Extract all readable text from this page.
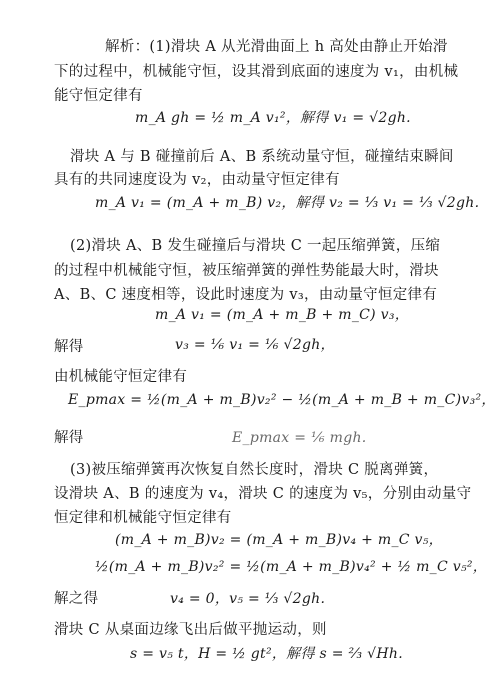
解析：(1)滑块 A 从光滑曲面上 h 高处由静止开始滑
下的过程中，机械能守恒，设其滑到底面的速度为 v₁，由机械
能守恒定律有
m_A gh = ½ m_A v₁²，解得 v₁ = √2gh.
滑块 A 与 B 碰撞前后 A、B 系统动量守恒，碰撞结束瞬间
具有的共同速度设为 v₂，由动量守恒定律有
m_A v₁ = (m_A + m_B) v₂，解得 v₂ = ⅓ v₁ = ⅓ √2gh.
(2)滑块 A、B 发生碰撞后与滑块 C 一起压缩弹簧，压缩
的过程中机械能守恒，被压缩弹簧的弹性势能最大时，滑块
A、B、C 速度相等，设此时速度为 v₃，由动量守恒定律有
m_A v₁ = (m_A + m_B + m_C) v₃，
解得	v₃ = ⅙ v₁ = ⅙ √2gh，
由机械能守恒定律有
E_pmax = ½(m_A + m_B)v₂² − ½(m_A + m_B + m_C)v₃²，
解得	E_pmax = ⅙ mgh.
(3)被压缩弹簧再次恢复自然长度时，滑块 C 脱离弹簧，
设滑块 A、B 的速度为 v₄，滑块 C 的速度为 v₅，分别由动量守
恒定律和机械能守恒定律有
(m_A + m_B)v₂ = (m_A + m_B)v₄ + m_C v₅，
½(m_A + m_B)v₂² = ½(m_A + m_B)v₄² + ½ m_C v₅²，
解之得	v₄ = 0，v₅ = ⅓ √2gh.
滑块 C 从桌面边缘飞出后做平抛运动，则
s = v₅ t，H = ½ gt²，解得 s = ⅔ √Hh.
